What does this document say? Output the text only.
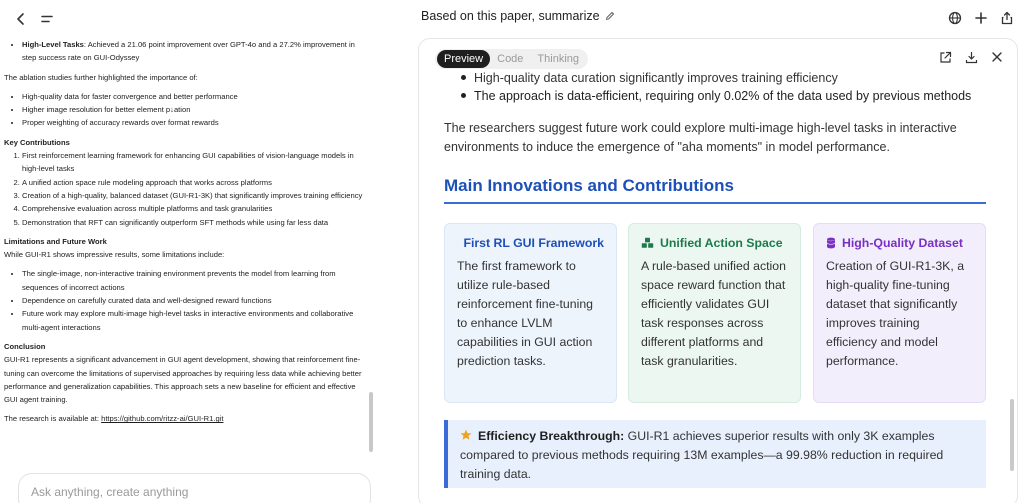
• High-Level Tasks: Achieved a 21.06 point improvement over GPT-4o and a 27.2% improvement in step success rate on GUI-Odyssey
The ablation studies further highlighted the importance of:
• High-quality data for faster convergence and better performance
• Higher image resolution for better element p↓ation
• Proper weighting of accuracy rewards over format rewards
Key Contributions
1. First reinforcement learning framework for enhancing GUI capabilities of vision-language models in high-level tasks
2. A unified action space rule modeling approach that works across platforms
3. Creation of a high-quality, balanced dataset (GUI-R1-3K) that significantly improves training efficiency
4. Comprehensive evaluation across multiple platforms and task granularities
5. Demonstration that RFT can significantly outperform SFT methods while using far less data
Limitations and Future Work
While GUI-R1 shows impressive results, some limitations include:
• The single-image, non-interactive training environment prevents the model from learning from sequences of incorrect actions
• Dependence on carefully curated data and well-designed reward functions
• Future work may explore multi-image high-level tasks in interactive environments and collaborative multi-agent interactions
Conclusion
GUI-R1 represents a significant advancement in GUI agent development, showing that reinforcement fine-tuning can overcome the limitations of supervised approaches by requiring less data while achieving better performance and generalization capabilities. This approach sets a new baseline for efficient and effective GUI agent training.
The research is available at: https://github.com/ritzz-ai/GUI-R1.git
Ask anything, create anything
Based on this paper, summarize
Preview	Code	Thinking
High-quality data curation significantly improves training efficiency
The approach is data-efficient, requiring only 0.02% of the data used by previous methods
The researchers suggest future work could explore multi-image high-level tasks in interactive environments to induce the emergence of "aha moments" in model performance.
Main Innovations and Contributions
First RL GUI Framework
The first framework to utilize rule-based reinforcement fine-tuning to enhance LVLM capabilities in GUI action prediction tasks.
Unified Action Space
A rule-based unified action space reward function that efficiently validates GUI task responses across different platforms and task granularities.
High-Quality Dataset
Creation of GUI-R1-3K, a high-quality fine-tuning dataset that significantly improves training efficiency and model performance.
Efficiency Breakthrough: GUI-R1 achieves superior results with only 3K examples compared to previous methods requiring 13M examples—a 99.98% reduction in required training data.
